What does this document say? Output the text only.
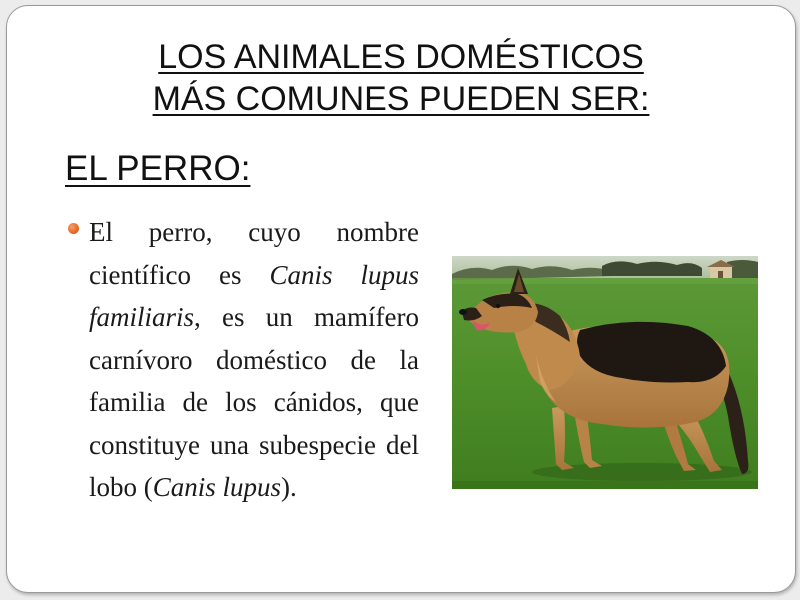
LOS ANIMALES DOMÉSTICOS
MÁS COMUNES PUEDEN SER:
EL PERRO:
El perro, cuyo nombre científico es Canis lupus familiaris, es un mamífero carnívoro doméstico de la familia de los cánidos, que constituye una subespecie del lobo (Canis lupus).
